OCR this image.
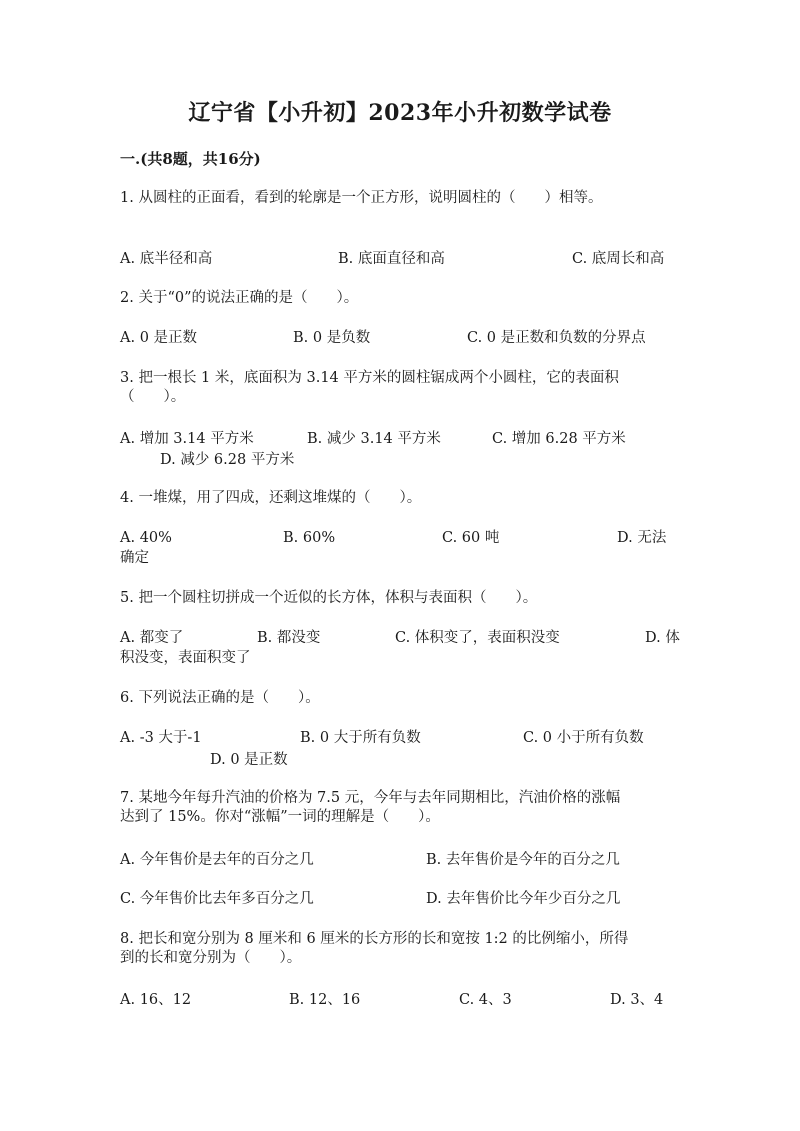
辽宁省【小升初】2023年小升初数学试卷
一.(共8题，共16分)
1. 从圆柱的正面看，看到的轮廓是一个正方形，说明圆柱的（　　）相等。
A. 底半径和高	B. 底面直径和高	C. 底周长和高
2. 关于“0”的说法正确的是（　　）。
A. 0 是正数	B. 0 是负数	C. 0 是正数和负数的分界点
3. 把一根长 1 米，底面积为 3.14 平方米的圆柱锯成两个小圆柱，它的表面积
（　　）。
A. 增加 3.14 平方米	B. 减少 3.14 平方米	C. 增加 6.28 平方米
D. 减少 6.28 平方米
4. 一堆煤，用了四成，还剩这堆煤的（　　）。
A. 40%	B. 60%	C. 60 吨	D. 无法
确定
5. 把一个圆柱切拼成一个近似的长方体，体积与表面积（　　）。
A. 都变了	B. 都没变	C. 体积变了，表面积没变	D. 体
积没变，表面积变了
6. 下列说法正确的是（　　）。
A. -3 大于-1	B. 0 大于所有负数	C. 0 小于所有负数
D. 0 是正数
7. 某地今年每升汽油的价格为 7.5 元，今年与去年同期相比，汽油价格的涨幅
达到了 15%。你对“涨幅”一词的理解是（　　）。
A. 今年售价是去年的百分之几	B. 去年售价是今年的百分之几
C. 今年售价比去年多百分之几	D. 去年售价比今年少百分之几
8. 把长和宽分别为 8 厘米和 6 厘米的长方形的长和宽按 1:2 的比例缩小，所得
到的长和宽分别为（　　）。
A. 16、12	B. 12、16	C. 4、3	D. 3、4
